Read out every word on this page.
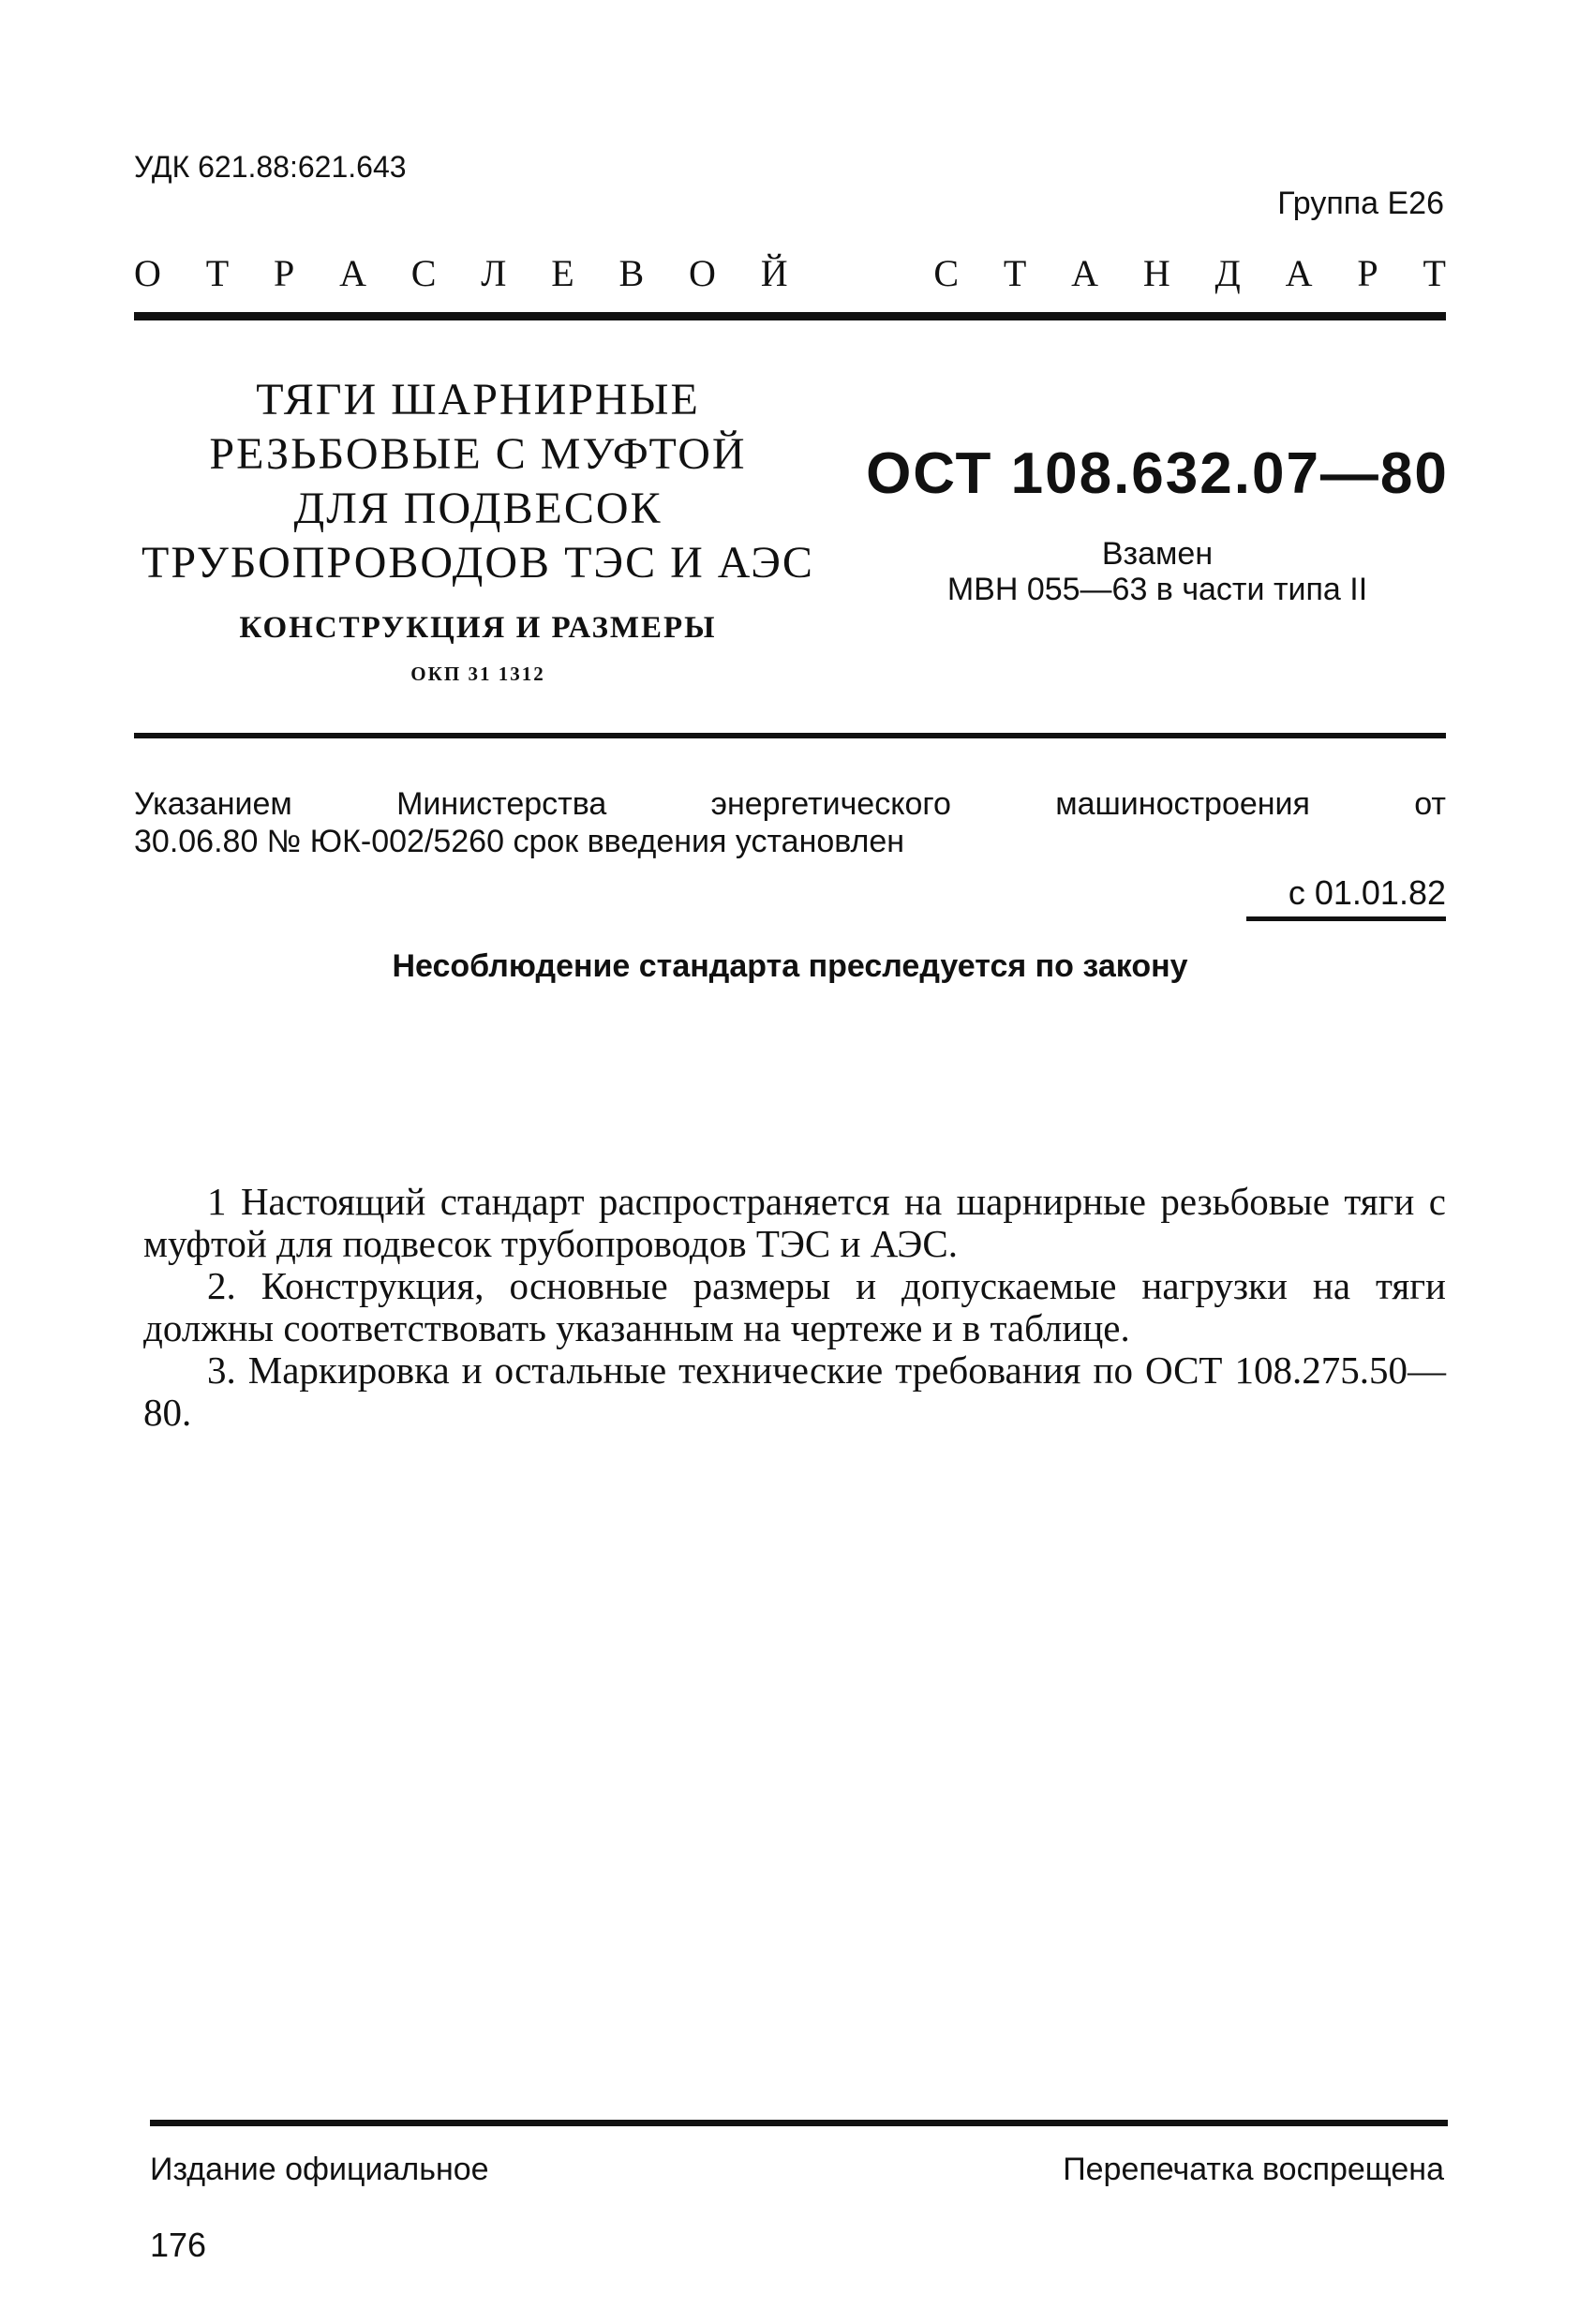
УДК 621.88:621.643
Группа Е26
О Т Р А С Л Е В О Й	С Т А Н Д А Р Т
ТЯГИ ШАРНИРНЫЕ
РЕЗЬБОВЫЕ С МУФТОЙ
ДЛЯ ПОДВЕСОК
ТРУБОПРОВОДОВ ТЭС И АЭС
КОНСТРУКЦИЯ И РАЗМЕРЫ
ОКП 31 1312
ОСТ 108.632.07—80
Взамен
МВН 055—63 в части типа II
Указанием Министерства энергетического машиностроения от
30.06.80 № ЮК-002/5260 срок введения установлен
с 01.01.82
Несоблюдение стандарта преследуется по закону

1 Настоящий стандарт распространяется на шарнирные резьбовые тяги с муфтой для подвесок трубопроводов ТЭС и АЭС.

2. Конструкция, основные размеры и допускаемые нагрузки на тяги должны соответствовать указанным на чертеже и в таблице.

3. Маркировка и остальные технические требования по ОСТ 108.275.50—80.

Издание официальное	Перепечатка воспрещена
176
